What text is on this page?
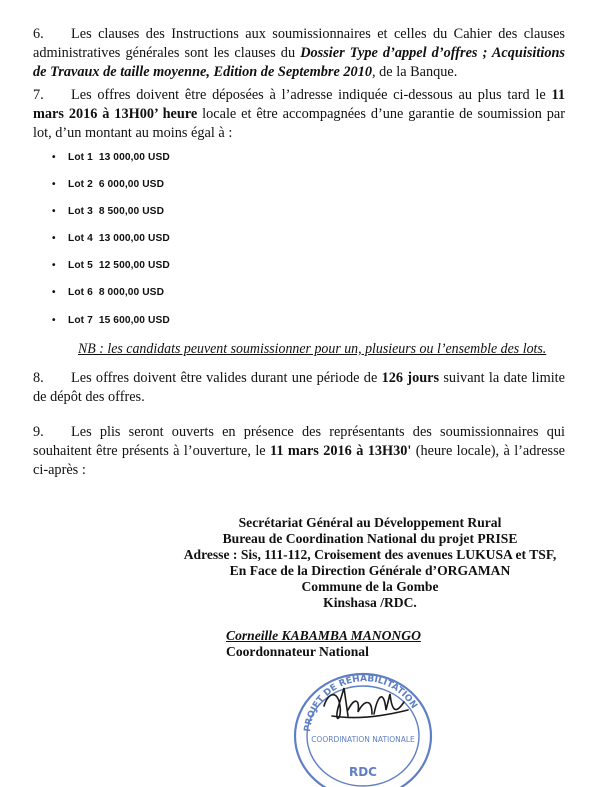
6. Les clauses des Instructions aux soumissionnaires et celles du Cahier des clauses administratives générales sont les clauses du Dossier Type d’appel d’offres ; Acquisitions de Travaux de taille moyenne, Edition de Septembre 2010, de la Banque.
7. Les offres doivent être déposées à l’adresse indiquée ci-dessous au plus tard le 11 mars 2016 à 13H00’ heure locale et être accompagnées d’une garantie de soumission par lot, d’un montant au moins égal à :
• Lot 1 13 000,00 USD
• Lot 2 6 000,00 USD
• Lot 3 8 500,00 USD
• Lot 4 13 000,00 USD
• Lot 5 12 500,00 USD
• Lot 6 8 000,00 USD
• Lot 7 15 600,00 USD
NB : les candidats peuvent soumissionner pour un, plusieurs ou l’ensemble des lots.
8. Les offres doivent être valides durant une période de 126 jours suivant la date limite de dépôt des offres.
9. Les plis seront ouverts en présence des représentants des soumissionnaires qui souhaitent être présents à l’ouverture, le 11 mars 2016 à 13H30' (heure locale), à l’adresse ci-après :
Secrétariat Général au Développement Rural
Bureau de Coordination National du projet PRISE
Adresse : Sis, 111-112, Croisement des avenues LUKUSA et TSF,
En Face de la Direction Générale d’ORGAMAN
Commune de la Gombe
Kinshasa /RDC.
Corneille KABAMBA MANONGO
Coordonnateur National
PROJET DE REHABILITATION
COORDINATION NATIONALE
RDC
